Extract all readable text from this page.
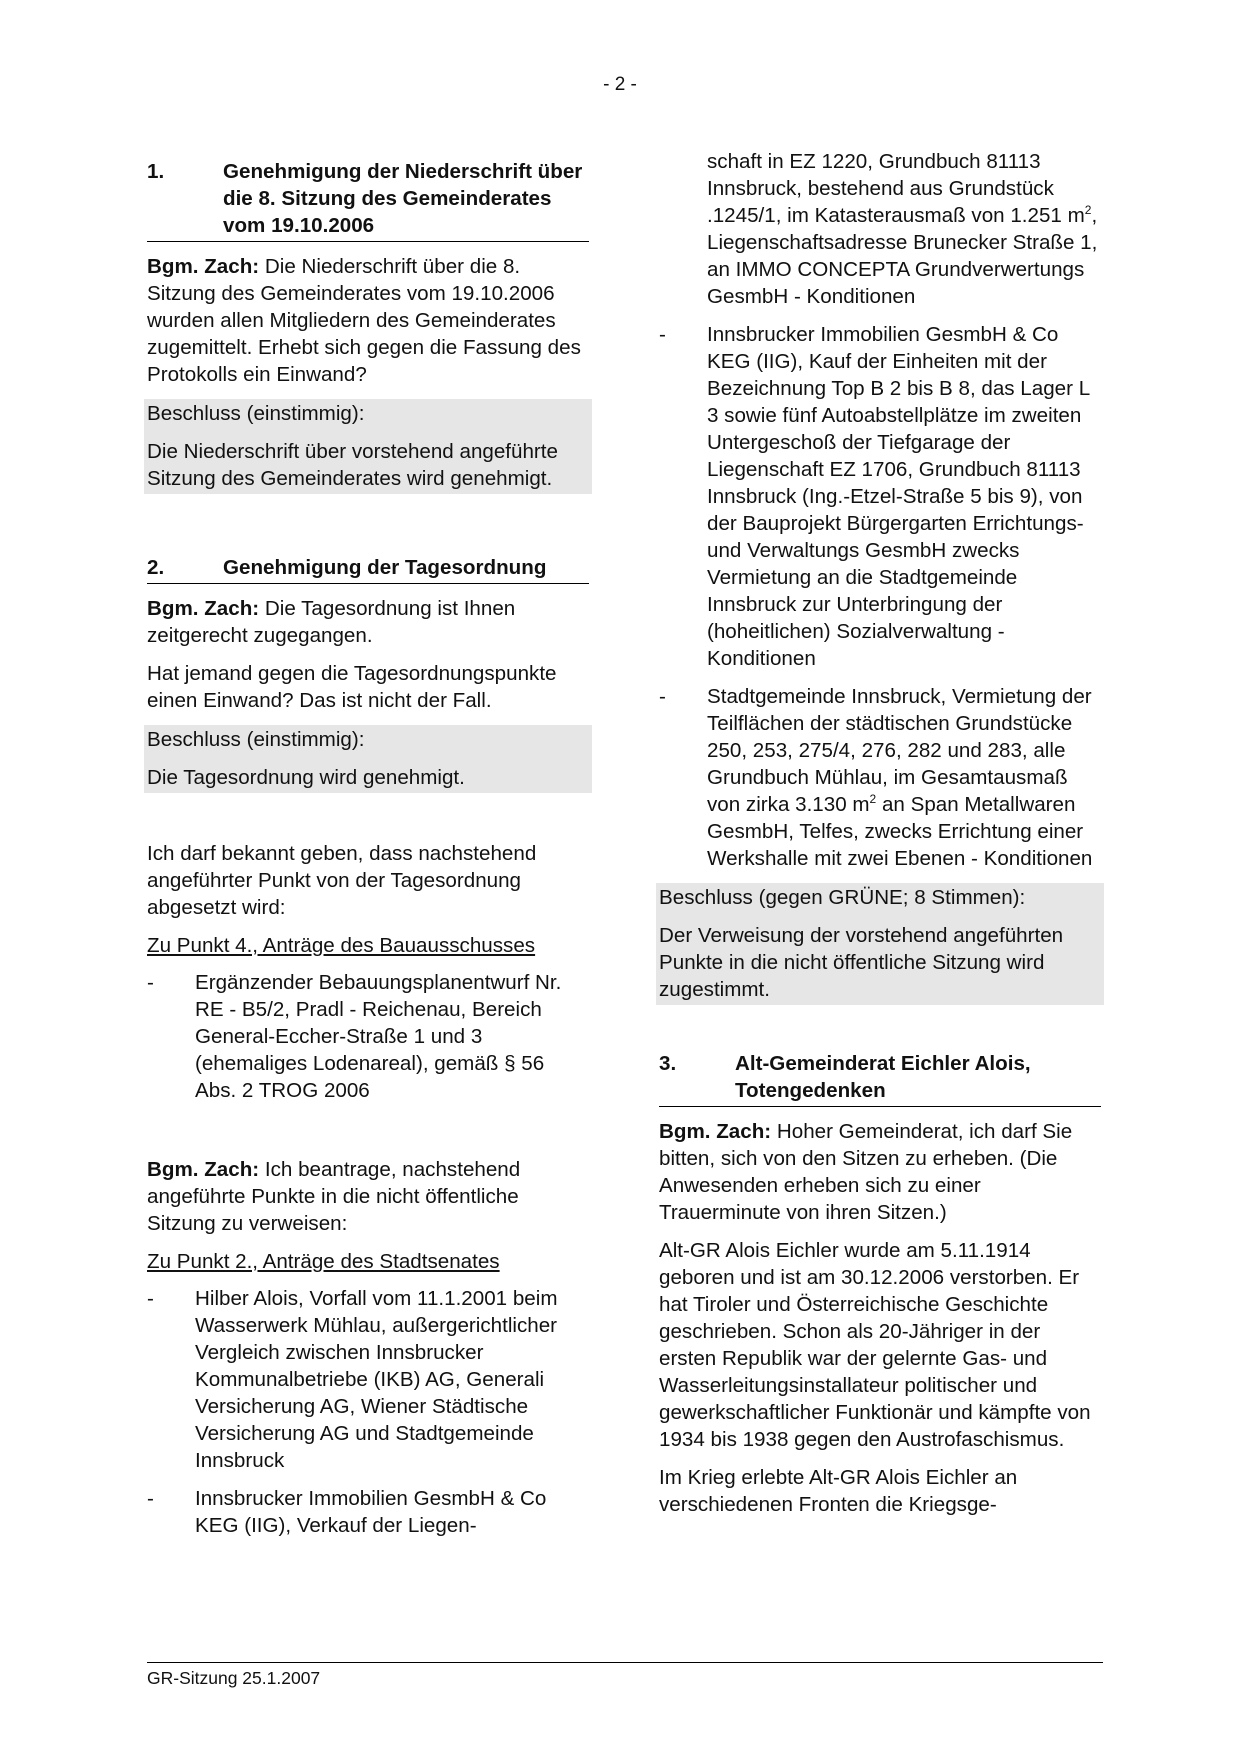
- 2 -
1.	Genehmigung der Niederschrift über die 8. Sitzung des Gemeinderates vom 19.10.2006

Bgm. Zach: Die Niederschrift über die 8. Sitzung des Gemeinderates vom 19.10.2006 wurden allen Mitgliedern des Gemeinderates zugemittelt. Erhebt sich gegen die Fassung des Protokolls ein Einwand?

Beschluss (einstimmig):
Die Niederschrift über vorstehend angeführte Sitzung des Gemeinderates wird genehmigt.
2.	Genehmigung der Tagesordnung

Bgm. Zach: Die Tagesordnung ist Ihnen zeitgerecht zugegangen.

Hat jemand gegen die Tagesordnungspunkte einen Einwand? Das ist nicht der Fall.

Beschluss (einstimmig):
Die Tagesordnung wird genehmigt.

Ich darf bekannt geben, dass nachstehend angeführter Punkt von der Tagesordnung abgesetzt wird:

Zu Punkt 4., Anträge des Bauausschusses

-	Ergänzender Bebauungsplanentwurf Nr. RE - B5/2, Pradl - Reichenau, Bereich General-Eccher-Straße 1 und 3 (ehemaliges Lodenareal), gemäß § 56 Abs. 2 TROG 2006

Bgm. Zach: Ich beantrage, nachstehend angeführte Punkte in die nicht öffentliche Sitzung zu verweisen:

Zu Punkt 2., Anträge des Stadtsenates

-	Hilber Alois, Vorfall vom 11.1.2001 beim Wasserwerk Mühlau, außergerichtlicher Vergleich zwischen Innsbrucker Kommunalbetriebe (IKB) AG, Generali Versicherung AG, Wiener Städtische Versicherung AG und Stadtgemeinde Innsbruck
-	Innsbrucker Immobilien GesmbH & Co KEG (IIG), Verkauf der Liegen-
schaft in EZ 1220, Grundbuch 81113 Innsbruck, bestehend aus Grundstück .1245/1, im Katasterausmaß von 1.251 $m^2$, Liegenschaftsadresse Brunecker Straße 1, an IMMO CONCEPTA Grundverwertungs GesmbH - Konditionen
-	Innsbrucker Immobilien GesmbH & Co KEG (IIG), Kauf der Einheiten mit der Bezeichnung Top B 2 bis B 8, das Lager L 3 sowie fünf Autoabstellplätze im zweiten Untergeschoß der Tiefgarage der Liegenschaft EZ 1706, Grundbuch 81113 Innsbruck (Ing.-Etzel-Straße 5 bis 9), von der Bauprojekt Bürgergarten Errichtungs- und Verwaltungs GesmbH zwecks Vermietung an die Stadtgemeinde Innsbruck zur Unterbringung der (hoheitlichen) Sozialverwaltung - Konditionen
-	Stadtgemeinde Innsbruck, Vermietung der Teilflächen der städtischen Grundstücke 250, 253, 275/4, 276, 282 und 283, alle Grundbuch Mühlau, im Gesamtausmaß von zirka 3.130 $m^2$ an Span Metallwaren GesmbH, Telfes, zwecks Errichtung einer Werkshalle mit zwei Ebenen - Konditionen
Beschluss (gegen GRÜNE; 8 Stimmen):
Der Verweisung der vorstehend angeführten Punkte in die nicht öffentliche Sitzung wird zugestimmt.
3.	Alt-Gemeinderat Eichler Alois, Totengedenken

Bgm. Zach: Hoher Gemeinderat, ich darf Sie bitten, sich von den Sitzen zu erheben. (Die Anwesenden erheben sich zu einer Trauerminute von ihren Sitzen.)

Alt-GR Alois Eichler wurde am 5.11.1914 geboren und ist am 30.12.2006 verstorben. Er hat Tiroler und Österreichische Geschichte geschrieben. Schon als 20-Jähriger in der ersten Republik war der gelernte Gas- und Wasserleitungsinstallateur politischer und gewerkschaftlicher Funktionär und kämpfte von 1934 bis 1938 gegen den Austrofaschismus.

Im Krieg erlebte Alt-GR Alois Eichler an verschiedenen Fronten die Kriegsge-

GR-Sitzung 25.1.2007
